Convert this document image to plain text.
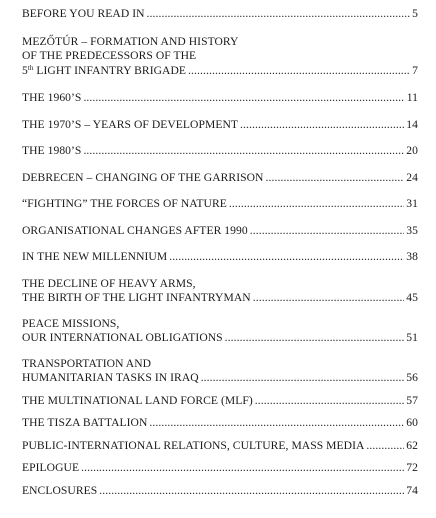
BEFORE YOU READ IN . . .	5
MEZŐTÚR – FORMATION AND HISTORY
OF THE PREDECESSORS OF THE
5th LIGHT INFANTRY BRIGADE . . .	7
THE 1960’S . . .	11
THE 1970’S – YEARS OF DEVELOPMENT . . .	14
THE 1980’S . . .	20
DEBRECEN – CHANGING OF THE GARRISON . . .	24
“FIGHTING” THE FORCES OF NATURE . . .	31
ORGANISATIONAL CHANGES AFTER 1990 . . .	35
IN THE NEW MILLENNIUM . . .	38
THE DECLINE OF HEAVY ARMS,
THE BIRTH OF THE LIGHT INFANTRYMAN . . .	45
PEACE MISSIONS,
OUR INTERNATIONAL OBLIGATIONS . . .	51
TRANSPORTATION AND
HUMANITARIAN TASKS IN IRAQ . . .	56
THE MULTINATIONAL LAND FORCE (MLF) . . .	57
THE TISZA BATTALION . . .	60
PUBLIC-INTERNATIONAL RELATIONS, CULTURE, MASS MEDIA . . .	62
EPILOGUE . . .	72
ENCLOSURES . . .	74
